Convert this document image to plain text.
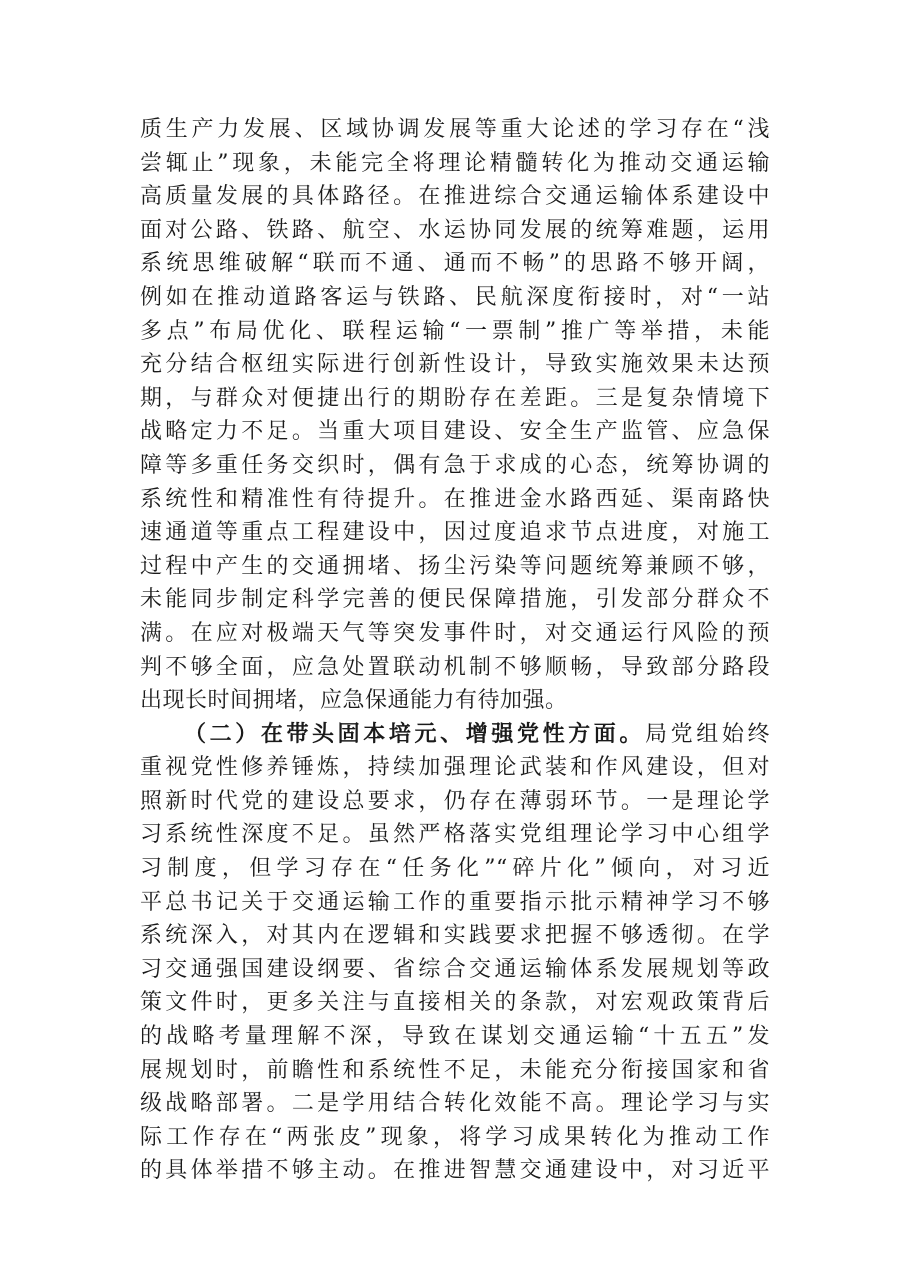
质生产力发展、区域协调发展等重大论述的学习存在“浅
尝辄止”现象，未能完全将理论精髓转化为推动交通运输
高质量发展的具体路径。在推进综合交通运输体系建设中
面对公路、铁路、航空、水运协同发展的统筹难题，运用
系统思维破解“联而不通、通而不畅”的思路不够开阔，
例如在推动道路客运与铁路、民航深度衔接时，对“一站
多点”布局优化、联程运输“一票制”推广等举措，未能
充分结合枢纽实际进行创新性设计，导致实施效果未达预
期，与群众对便捷出行的期盼存在差距。三是复杂情境下
战略定力不足。当重大项目建设、安全生产监管、应急保
障等多重任务交织时，偶有急于求成的心态，统筹协调的
系统性和精准性有待提升。在推进金水路西延、渠南路快
速通道等重点工程建设中，因过度追求节点进度，对施工
过程中产生的交通拥堵、扬尘污染等问题统筹兼顾不够，
未能同步制定科学完善的便民保障措施，引发部分群众不
满。在应对极端天气等突发事件时，对交通运行风险的预
判不够全面，应急处置联动机制不够顺畅，导致部分路段
出现长时间拥堵，应急保通能力有待加强。
（二）在带头固本培元、增强党性方面。局党组始终
重视党性修养锤炼，持续加强理论武装和作风建设，但对
照新时代党的建设总要求，仍存在薄弱环节。一是理论学
习系统性深度不足。虽然严格落实党组理论学习中心组学
习制度，但学习存在“任务化”“碎片化”倾向，对习近
平总书记关于交通运输工作的重要指示批示精神学习不够
系统深入，对其内在逻辑和实践要求把握不够透彻。在学
习交通强国建设纲要、省综合交通运输体系发展规划等政
策文件时，更多关注与直接相关的条款，对宏观政策背后
的战略考量理解不深，导致在谋划交通运输“十五五”发
展规划时，前瞻性和系统性不足，未能充分衔接国家和省
级战略部署。二是学用结合转化效能不高。理论学习与实
际工作存在“两张皮”现象，将学习成果转化为推动工作
的具体举措不够主动。在推进智慧交通建设中，对习近平
